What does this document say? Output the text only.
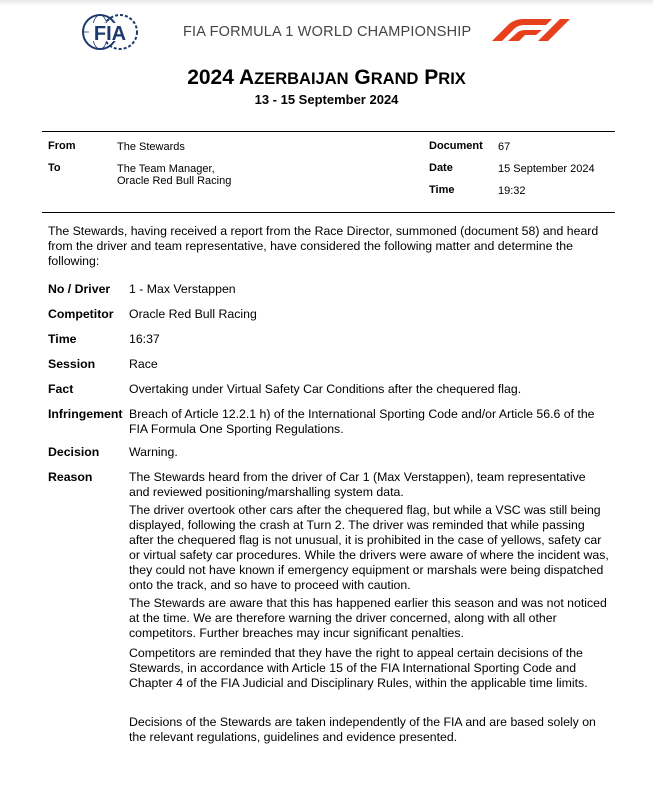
FIA	FIA FORMULA 1 WORLD CHAMPIONSHIP
2024 AZERBAIJAN GRAND PRIX
13 - 15 September 2024
From	The Stewards
To	The Team Manager,
Oracle Red Bull Racing
Document 67
Date	15 September 2024
Time	19:32
The Stewards, having received a report from the Race Director, summoned (document 58) and heard from the driver and team representative, have considered the following matter and determine the following:
No / Driver 1 - Max Verstappen
Competitor Oracle Red Bull Racing
Time	16:37
Session	Race
Fact	Overtaking under Virtual Safety Car Conditions after the chequered flag.
Infringement Breach of Article 12.2.1 h) of the International Sporting Code and/or Article 56.6 of the FIA Formula One Sporting Regulations.
Decision Warning.
Reason	The Stewards heard from the driver of Car 1 (Max Verstappen), team representative and reviewed positioning/marshalling system data.

The driver overtook other cars after the chequered flag, but while a VSC was still being displayed, following the crash at Turn 2. The driver was reminded that while passing after the chequered flag is not unusual, it is prohibited in the case of yellows, safety car or virtual safety car procedures. While the drivers were aware of where the incident was, they could not have known if emergency equipment or marshals were being dispatched onto the track, and so have to proceed with caution.

The Stewards are aware that this has happened earlier this season and was not noticed at the time. We are therefore warning the driver concerned, along with all other competitors. Further breaches may incur significant penalties.

Competitors are reminded that they have the right to appeal certain decisions of the Stewards, in accordance with Article 15 of the FIA International Sporting Code and Chapter 4 of the FIA Judicial and Disciplinary Rules, within the applicable time limits.
Decisions of the Stewards are taken independently of the FIA and are based solely on the relevant regulations, guidelines and evidence presented.
